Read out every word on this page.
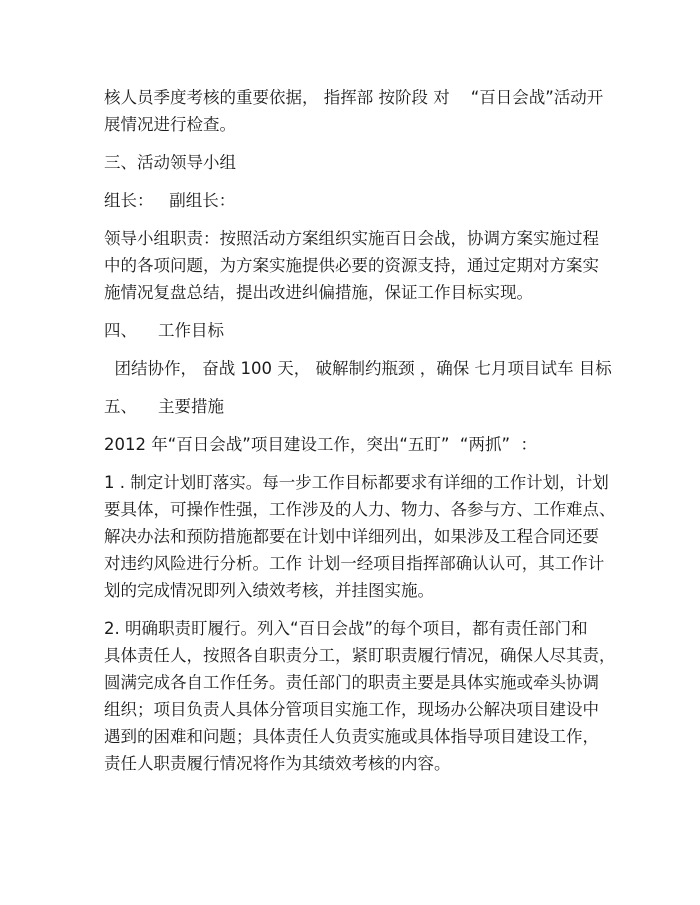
核人员季度考核的重要依据， 指挥部 按阶段 对    “百日会战”活动开
展情况进行检查。
三、活动领导小组
组长：   副组长：
领导小组职责：按照活动方案组织实施百日会战，协调方案实施过程
中的各项问题，为方案实施提供必要的资源支持，通过定期对方案实
施情况复盘总结，提出改进纠偏措施，保证工作目标实现。
四、    工作目标
团结协作， 奋战 100 天， 破解制约瓶颈 ，确保 七月项目试车 目标
五、    主要措施
2012 年“百日会战”项目建设工作，突出“五盯”  “两抓”  ：
1 . 制定计划盯落实。每一步工作目标都要求有详细的工作计划，计划
要具体，可操作性强，工作涉及的人力、物力、各参与方、工作难点、
解决办法和预防措施都要在计划中详细列出，如果涉及工程合同还要
对违约风险进行分析。工作 计划一经项目指挥部确认认可，其工作计
划的完成情况即列入绩效考核，并挂图实施。
2. 明确职责盯履行。列入“百日会战”的每个项目，都有责任部门和
具体责任人，按照各自职责分工，紧盯职责履行情况，确保人尽其责，
圆满完成各自工作任务。责任部门的职责主要是具体实施或牵头协调
组织；项目负责人具体分管项目实施工作，现场办公解决项目建设中
遇到的困难和问题；具体责任人负责实施或具体指导项目建设工作，
责任人职责履行情况将作为其绩效考核的内容。
